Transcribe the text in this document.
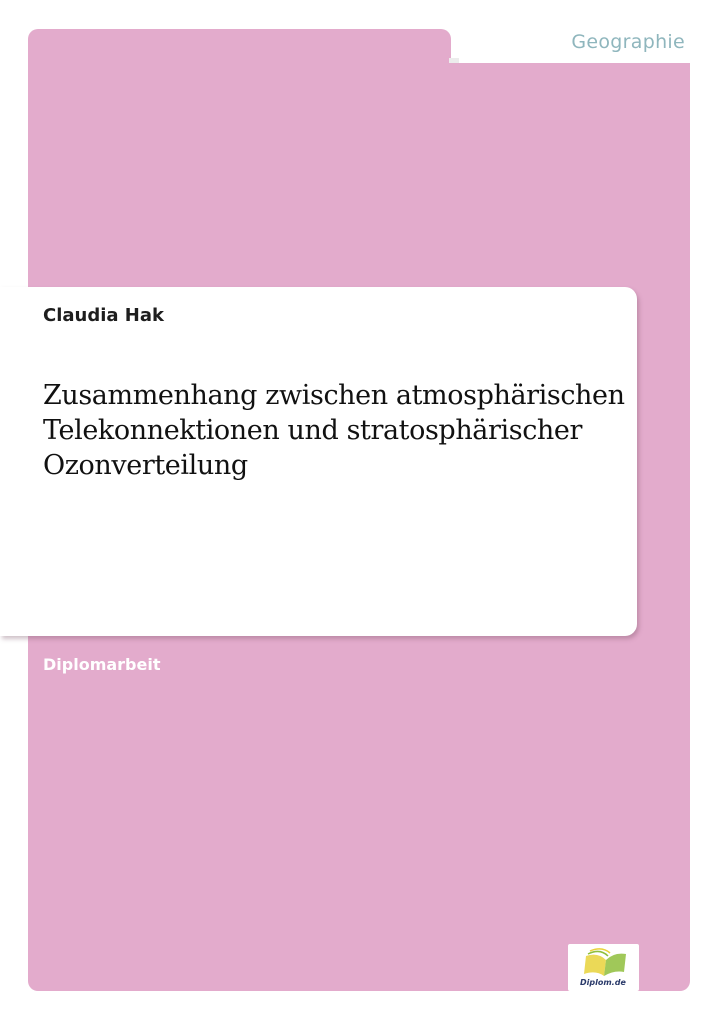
Geographie
Claudia Hak
Zusammenhang zwischen atmosphärischen
Telekonnektionen und stratosphärischer
Ozonverteilung
Diplomarbeit
Diplom.de
